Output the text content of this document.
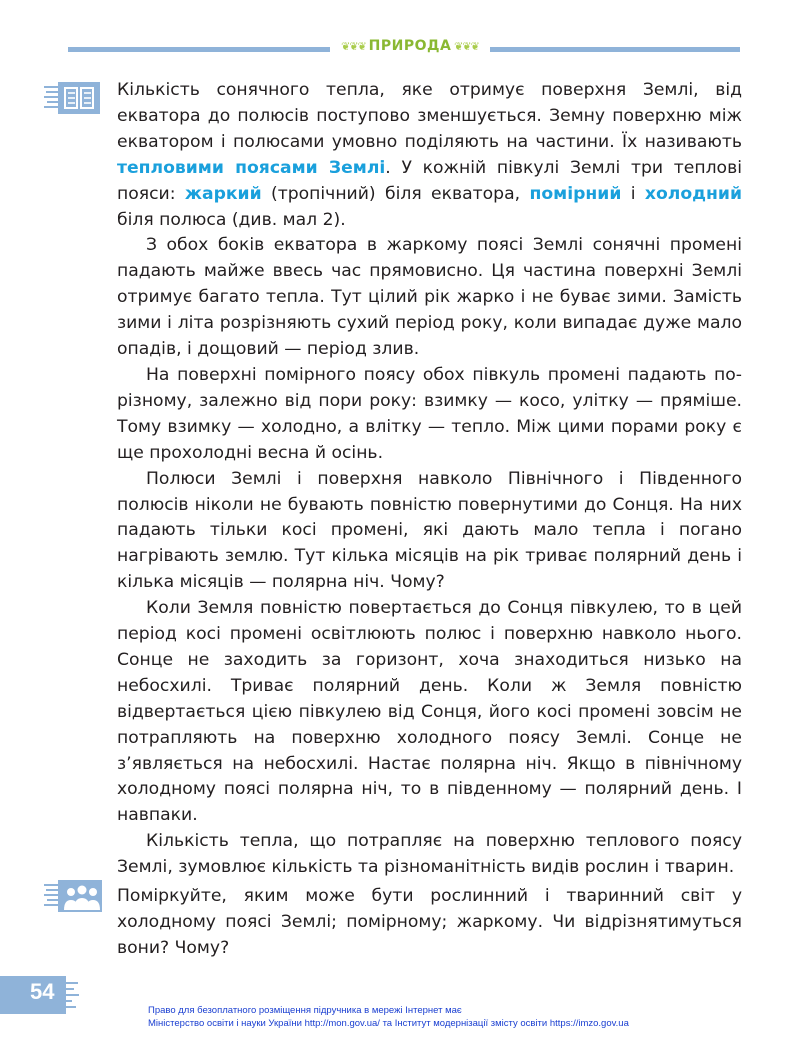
❦❦❦ ПРИРОДА ❦❦❦

Кількість сонячного тепла, яке отримує поверхня Землі, від екватора до полюсів поступово зменшується. Земну поверхню між екватором і полюсами умовно поділяють на частини. Їх називають тепловими поясами Землі. У кожній півкулі Землі три теплові пояси: жаркий (тропічний) біля екватора, помірний і холодний біля полюса (див. мал 2).

З обох боків екватора в жаркому поясі Землі сонячні промені падають майже ввесь час прямовисно. Ця частина поверхні Землі отримує багато тепла. Тут цілий рік жарко і не буває зими. Замість зими і літа розрізняють сухий період року, коли випадає дуже мало опадів, і дощовий — період злив.

На поверхні помірного поясу обох півкуль промені падають по-різному, залежно від пори року: взимку — косо, улітку — пряміше. Тому взимку — холодно, а влітку — тепло. Між цими порами року є ще прохолодні весна й осінь.

Полюси Землі і поверхня навколо Північного і Південного полюсів ніколи не бувають повністю повернутими до Сонця. На них падають тільки косі промені, які дають мало тепла і погано нагрівають землю. Тут кілька місяців на рік триває полярний день і кілька місяців — полярна ніч. Чому?

Коли Земля повністю повертається до Сонця півкулею, то в цей період косі промені освітлюють полюс і поверхню навколо нього. Сонце не заходить за горизонт, хоча знаходиться низько на небосхилі. Триває полярний день. Коли ж Земля повністю відвертається цією півкулею від Сонця, його косі промені зовсім не потрапляють на поверхню холодного поясу Землі. Сонце не з’являється на небосхилі. Настає полярна ніч. Якщо в північному холодному поясі полярна ніч, то в південному — полярний день. І навпаки.

Кількість тепла, що потрапляє на поверхню теплового поясу Землі, зумовлює кількість та різноманітність видів рослин і тварин.

Поміркуйте, яким може бути рослинний і тваринний світ у холодному поясі Землі; помірному; жаркому. Чи відрізнятимуться вони? Чому?

54
Право для безоплатного розміщення підручника в мережі Інтернет має
Міністерство освіти і науки України http://mon.gov.ua/ та Інститут модернізації змісту освіти https://imzo.gov.ua
